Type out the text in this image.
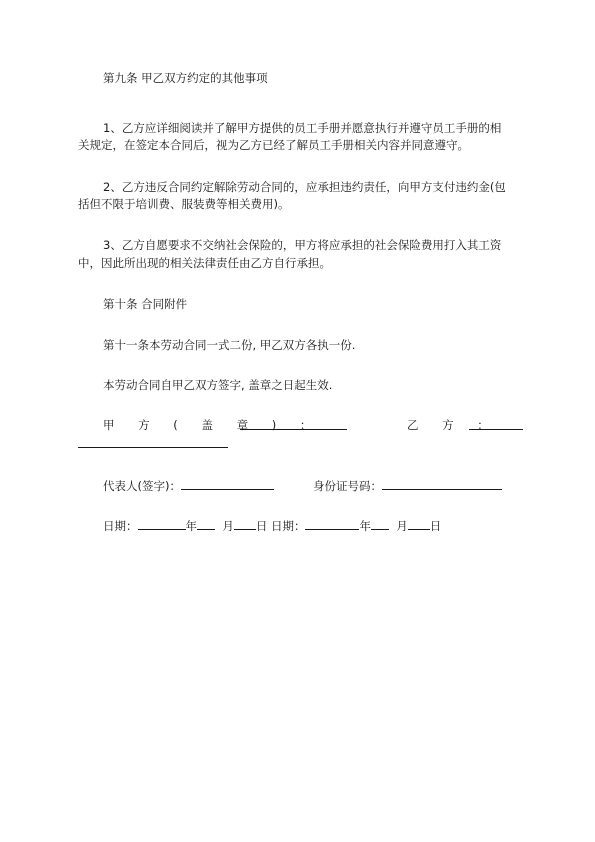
第九条 甲乙双方约定的其他事项
1、乙方应详细阅读并了解甲方提供的员工手册并愿意执行并遵守员工手册的相
关规定，在签定本合同后，视为乙方已经了解员工手册相关内容并同意遵守。
2、乙方违反合同约定解除劳动合同的，应承担违约责任，向甲方支付违约金(包
括但不限于培训费、服装费等相关费用)。
3、乙方自愿要求不交纳社会保险的，甲方将应承担的社会保险费用打入其工资
中，因此所出现的相关法律责任由乙方自行承担。
第十条 合同附件
第十一条本劳动合同一式二份, 甲乙双方各执一份.
本劳动合同自甲乙双方签字, 盖章之日起生效.
甲 方 ( 盖 章 ) ：	乙 方 ：
代表人(签字)：	身份证号码：
日期：	年 月 日 日期：	年 月 日
